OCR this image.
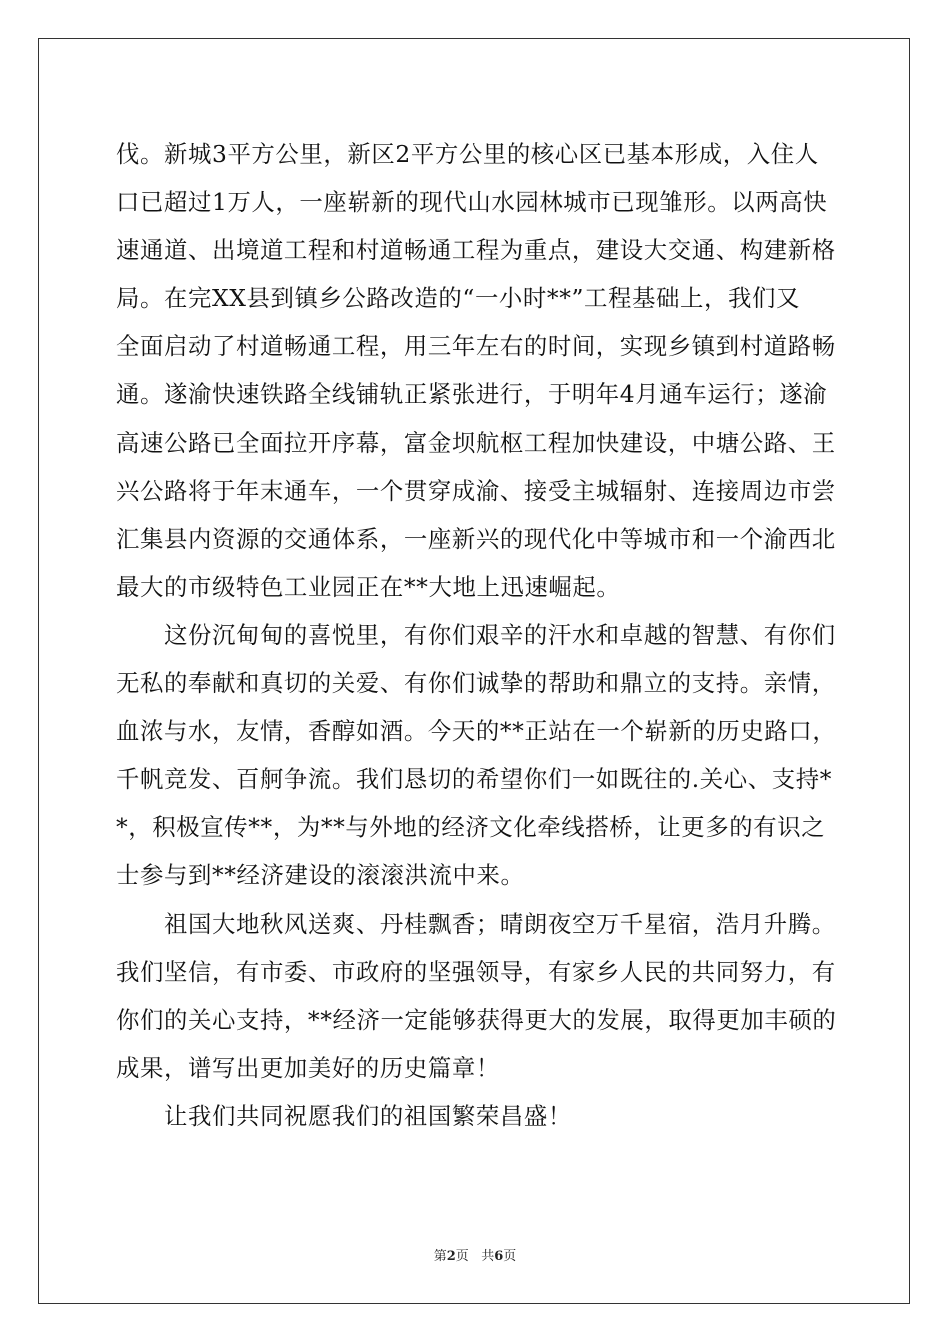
伐。新城3平方公里，新区2平方公里的核心区已基本形成，入住人
口已超过1万人，一座崭新的现代山水园林城市已现雏形。以两高快
速通道、出境道工程和村道畅通工程为重点，建设大交通、构建新格
局。在完XX县到镇乡公路改造的“一小时**”工程基础上，我们又
全面启动了村道畅通工程，用三年左右的时间，实现乡镇到村道路畅
通。遂渝快速铁路全线铺轨正紧张进行，于明年4月通车运行；遂渝
高速公路已全面拉开序幕，富金坝航枢工程加快建设，中塘公路、王
兴公路将于年末通车，一个贯穿成渝、接受主城辐射、连接周边市尝
汇集县内资源的交通体系，一座新兴的现代化中等城市和一个渝西北
最大的市级特色工业园正在**大地上迅速崛起。
　　这份沉甸甸的喜悦里，有你们艰辛的汗水和卓越的智慧、有你们
无私的奉献和真切的关爱、有你们诚挚的帮助和鼎立的支持。亲情，
血浓与水，友情，香醇如酒。今天的**正站在一个崭新的历史路口，
千帆竞发、百舸争流。我们恳切的希望你们一如既往的.关心、支持*
*，积极宣传**，为**与外地的经济文化牵线搭桥，让更多的有识之
士参与到**经济建设的滚滚洪流中来。
　　祖国大地秋风送爽、丹桂飘香；晴朗夜空万千星宿，浩月升腾。
我们坚信，有市委、市政府的坚强领导，有家乡人民的共同努力，有
你们的关心支持，**经济一定能够获得更大的发展，取得更加丰硕的
成果，谱写出更加美好的历史篇章！
　　让我们共同祝愿我们的祖国繁荣昌盛！
第2页 共6页
